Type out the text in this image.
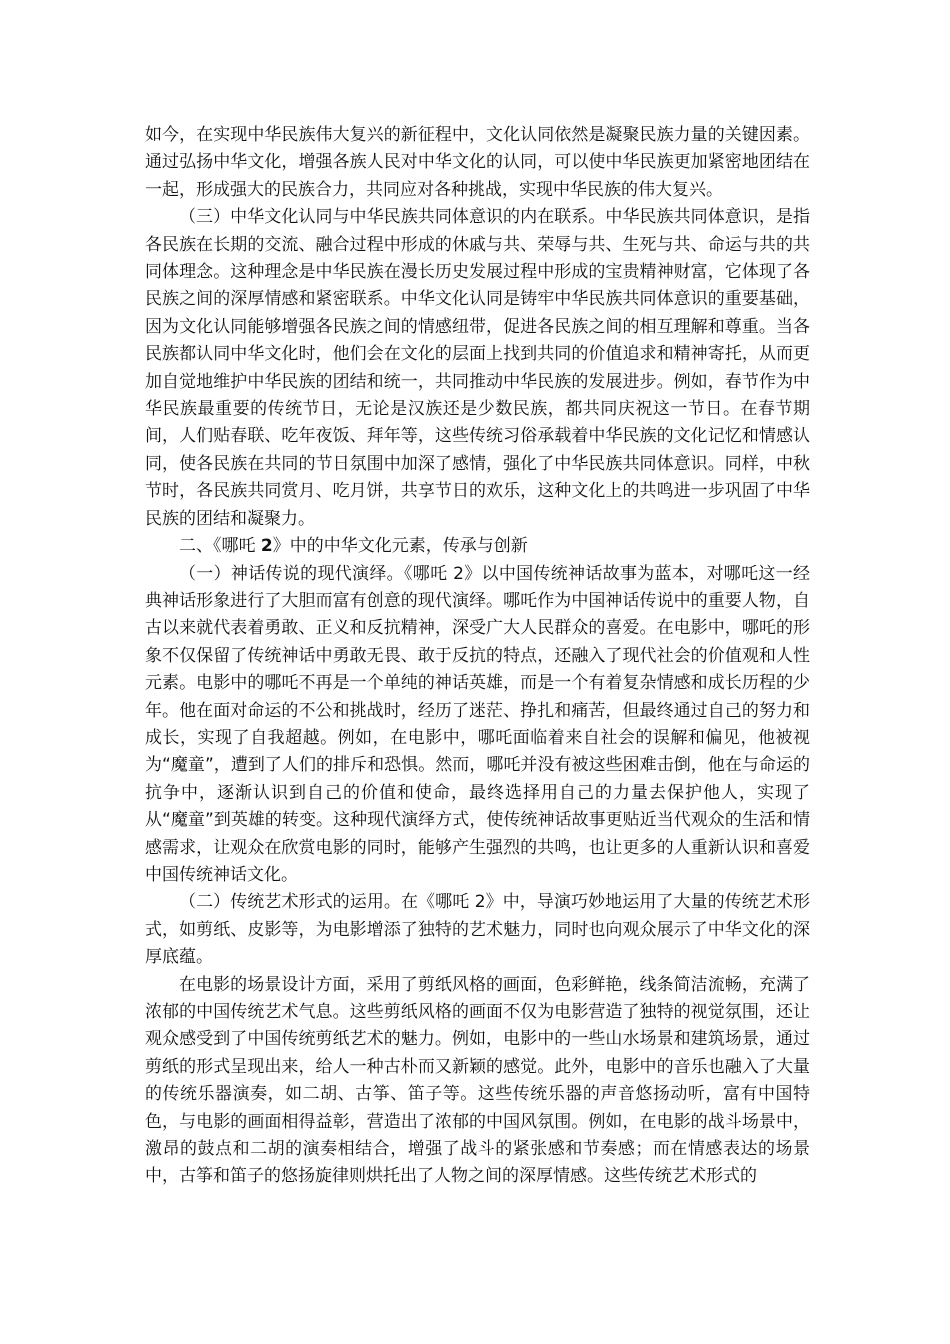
如今，在实现中华民族伟大复兴的新征程中，文化认同依然是凝聚民族力量的关键因素。通过弘扬中华文化，增强各族人民对中华文化的认同，可以使中华民族更加紧密地团结在一起，形成强大的民族合力，共同应对各种挑战，实现中华民族的伟大复兴。

（三）中华文化认同与中华民族共同体意识的内在联系。中华民族共同体意识，是指各民族在长期的交流、融合过程中形成的休戚与共、荣辱与共、生死与共、命运与共的共同体理念。这种理念是中华民族在漫长历史发展过程中形成的宝贵精神财富，它体现了各民族之间的深厚情感和紧密联系。中华文化认同是铸牢中华民族共同体意识的重要基础，因为文化认同能够增强各民族之间的情感纽带，促进各民族之间的相互理解和尊重。当各民族都认同中华文化时，他们会在文化的层面上找到共同的价值追求和精神寄托，从而更加自觉地维护中华民族的团结和统一，共同推动中华民族的发展进步。例如，春节作为中华民族最重要的传统节日，无论是汉族还是少数民族，都共同庆祝这一节日。在春节期间，人们贴春联、吃年夜饭、拜年等，这些传统习俗承载着中华民族的文化记忆和情感认同，使各民族在共同的节日氛围中加深了感情，强化了中华民族共同体意识。同样，中秋节时，各民族共同赏月、吃月饼，共享节日的欢乐，这种文化上的共鸣进一步巩固了中华民族的团结和凝聚力。

二、《哪吒 2》中的中华文化元素，传承与创新

（一）神话传说的现代演绎。《哪吒 2》以中国传统神话故事为蓝本，对哪吒这一经典神话形象进行了大胆而富有创意的现代演绎。哪吒作为中国神话传说中的重要人物，自古以来就代表着勇敢、正义和反抗精神，深受广大人民群众的喜爱。在电影中，哪吒的形象不仅保留了传统神话中勇敢无畏、敢于反抗的特点，还融入了现代社会的价值观和人性元素。电影中的哪吒不再是一个单纯的神话英雄，而是一个有着复杂情感和成长历程的少年。他在面对命运的不公和挑战时，经历了迷茫、挣扎和痛苦，但最终通过自己的努力和成长，实现了自我超越。例如，在电影中，哪吒面临着来自社会的误解和偏见，他被视为“魔童”，遭到了人们的排斥和恐惧。然而，哪吒并没有被这些困难击倒，他在与命运的抗争中，逐渐认识到自己的价值和使命，最终选择用自己的力量去保护他人，实现了从“魔童”到英雄的转变。这种现代演绎方式，使传统神话故事更贴近当代观众的生活和情感需求，让观众在欣赏电影的同时，能够产生强烈的共鸣，也让更多的人重新认识和喜爱中国传统神话文化。

（二）传统艺术形式的运用。在《哪吒 2》中，导演巧妙地运用了大量的传统艺术形式，如剪纸、皮影等，为电影增添了独特的艺术魅力，同时也向观众展示了中华文化的深厚底蕴。

在电影的场景设计方面，采用了剪纸风格的画面，色彩鲜艳，线条简洁流畅，充满了浓郁的中国传统艺术气息。这些剪纸风格的画面不仅为电影营造了独特的视觉氛围，还让观众感受到了中国传统剪纸艺术的魅力。例如，电影中的一些山水场景和建筑场景，通过剪纸的形式呈现出来，给人一种古朴而又新颖的感觉。此外，电影中的音乐也融入了大量的传统乐器演奏，如二胡、古筝、笛子等。这些传统乐器的声音悠扬动听，富有中国特色，与电影的画面相得益彰，营造出了浓郁的中国风氛围。例如，在电影的战斗场景中，激昂的鼓点和二胡的演奏相结合，增强了战斗的紧张感和节奏感；而在情感表达的场景中，古筝和笛子的悠扬旋律则烘托出了人物之间的深厚情感。这些传统艺术形式的
